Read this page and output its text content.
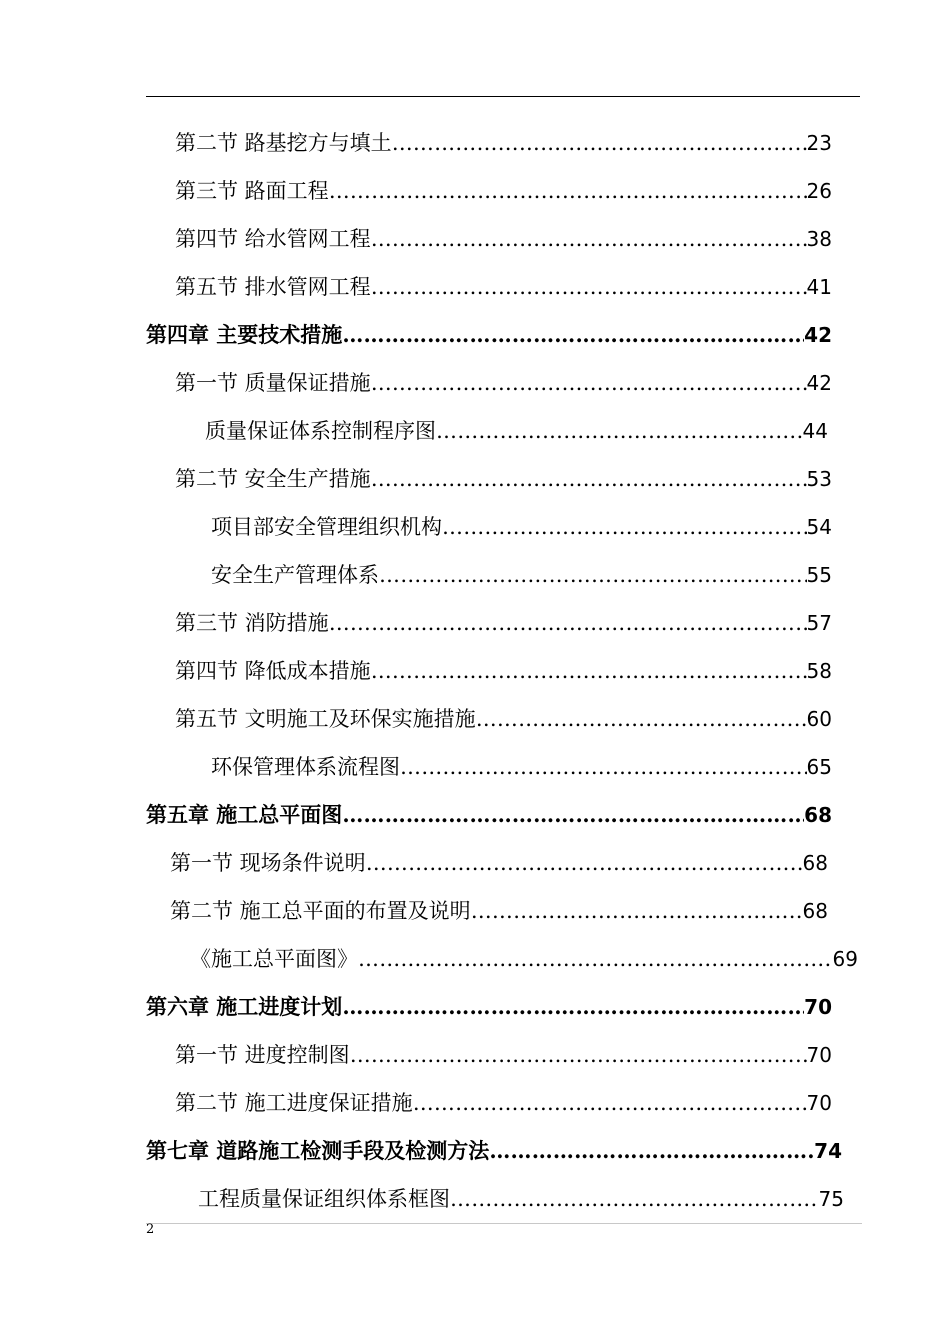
第二节 路基挖方与填土 ……………………………………………………………………………………………………………………………………………………	23
第三节 路面工程 ……………………………………………………………………………………………………………………………………………………	26
第四节 给水管网工程 ……………………………………………………………………………………………………………………………………………………	38
第五节 排水管网工程 ……………………………………………………………………………………………………………………………………………………	41
第四章 主要技术措施 ……………………………………………………………………………………………………………………………………………………	42
第一节 质量保证措施 ……………………………………………………………………………………………………………………………………………………	42
质量保证体系控制程序图 ……………………………………………………………………………………………………………………………………………………	44
第二节 安全生产措施 ……………………………………………………………………………………………………………………………………………………	53
项目部安全管理组织机构 ……………………………………………………………………………………………………………………………………………………	54
安全生产管理体系 ……………………………………………………………………………………………………………………………………………………	55
第三节 消防措施 ……………………………………………………………………………………………………………………………………………………	57
第四节 降低成本措施 ……………………………………………………………………………………………………………………………………………………	58
第五节 文明施工及环保实施措施 ……………………………………………………………………………………………………………………………………………………	60
环保管理体系流程图 ……………………………………………………………………………………………………………………………………………………	65
第五章 施工总平面图 ……………………………………………………………………………………………………………………………………………………	68
第一节 现场条件说明 ……………………………………………………………………………………………………………………………………………………	68
第二节 施工总平面的布置及说明 ……………………………………………………………………………………………………………………………………………………	68
《施工总平面图》 ……………………………………………………………………………………………………………………………………………………	69
第六章 施工进度计划 ……………………………………………………………………………………………………………………………………………………	70
第一节 进度控制图 ……………………………………………………………………………………………………………………………………………………	70
第二节 施工进度保证措施 ……………………………………………………………………………………………………………………………………………………	70
第七章 道路施工检测手段及检测方法 ……………………………………………………………………………………………………………………………………………………	74
工程质量保证组织体系框图 ……………………………………………………………………………………………………………………………………………………	75
2
